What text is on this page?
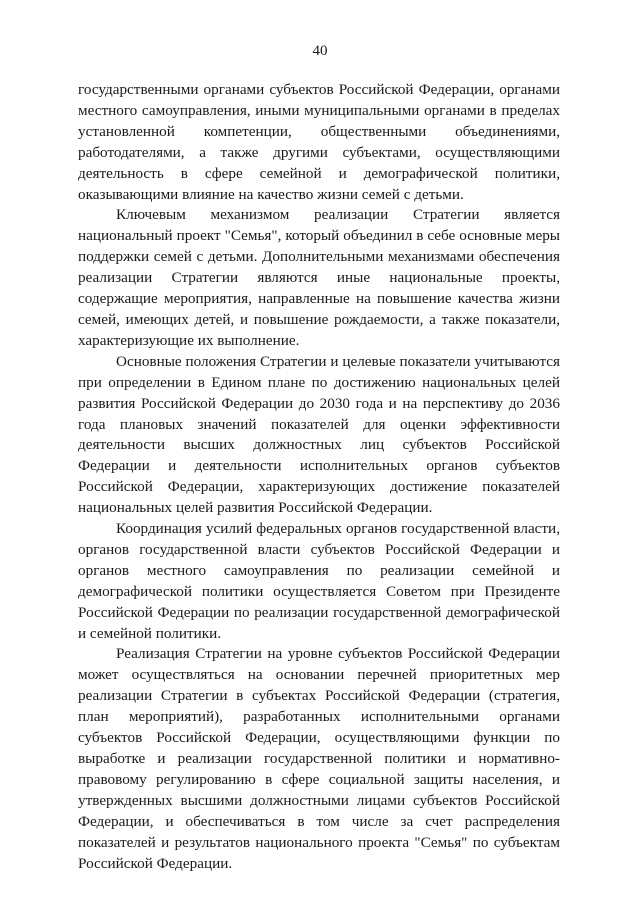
40

государственными органами субъектов Российской Федерации, органами местного самоуправления, иными муниципальными органами в пределах установленной компетенции, общественными объединениями, работодателями, а также другими субъектами, осуществляющими деятельность в сфере семейной и демографической политики, оказывающими влияние на качество жизни семей с детьми.

Ключевым механизмом реализации Стратегии является национальный проект "Семья", который объединил в себе основные меры поддержки семей с детьми. Дополнительными механизмами обеспечения реализации Стратегии являются иные национальные проекты, содержащие мероприятия, направленные на повышение качества жизни семей, имеющих детей, и повышение рождаемости, а также показатели, характеризующие их выполнение.

Основные положения Стратегии и целевые показатели учитываются при определении в Едином плане по достижению национальных целей развития Российской Федерации до 2030 года и на перспективу до 2036 года плановых значений показателей для оценки эффективности деятельности высших должностных лиц субъектов Российской Федерации и деятельности исполнительных органов субъектов Российской Федерации, характеризующих достижение показателей национальных целей развития Российской Федерации.

Координация усилий федеральных органов государственной власти, органов государственной власти субъектов Российской Федерации и органов местного самоуправления по реализации семейной и демографической политики осуществляется Советом при Президенте Российской Федерации по реализации государственной демографической и семейной политики.

Реализация Стратегии на уровне субъектов Российской Федерации может осуществляться на основании перечней приоритетных мер реализации Стратегии в субъектах Российской Федерации (стратегия, план мероприятий), разработанных исполнительными органами субъектов Российской Федерации, осуществляющими функции по выработке и реализации государственной политики и нормативно-правовому регулированию в сфере социальной защиты населения, и утвержденных высшими должностными лицами субъектов Российской Федерации, и обеспечиваться в том числе за счет распределения показателей и результатов национального проекта "Семья" по субъектам Российской Федерации.
